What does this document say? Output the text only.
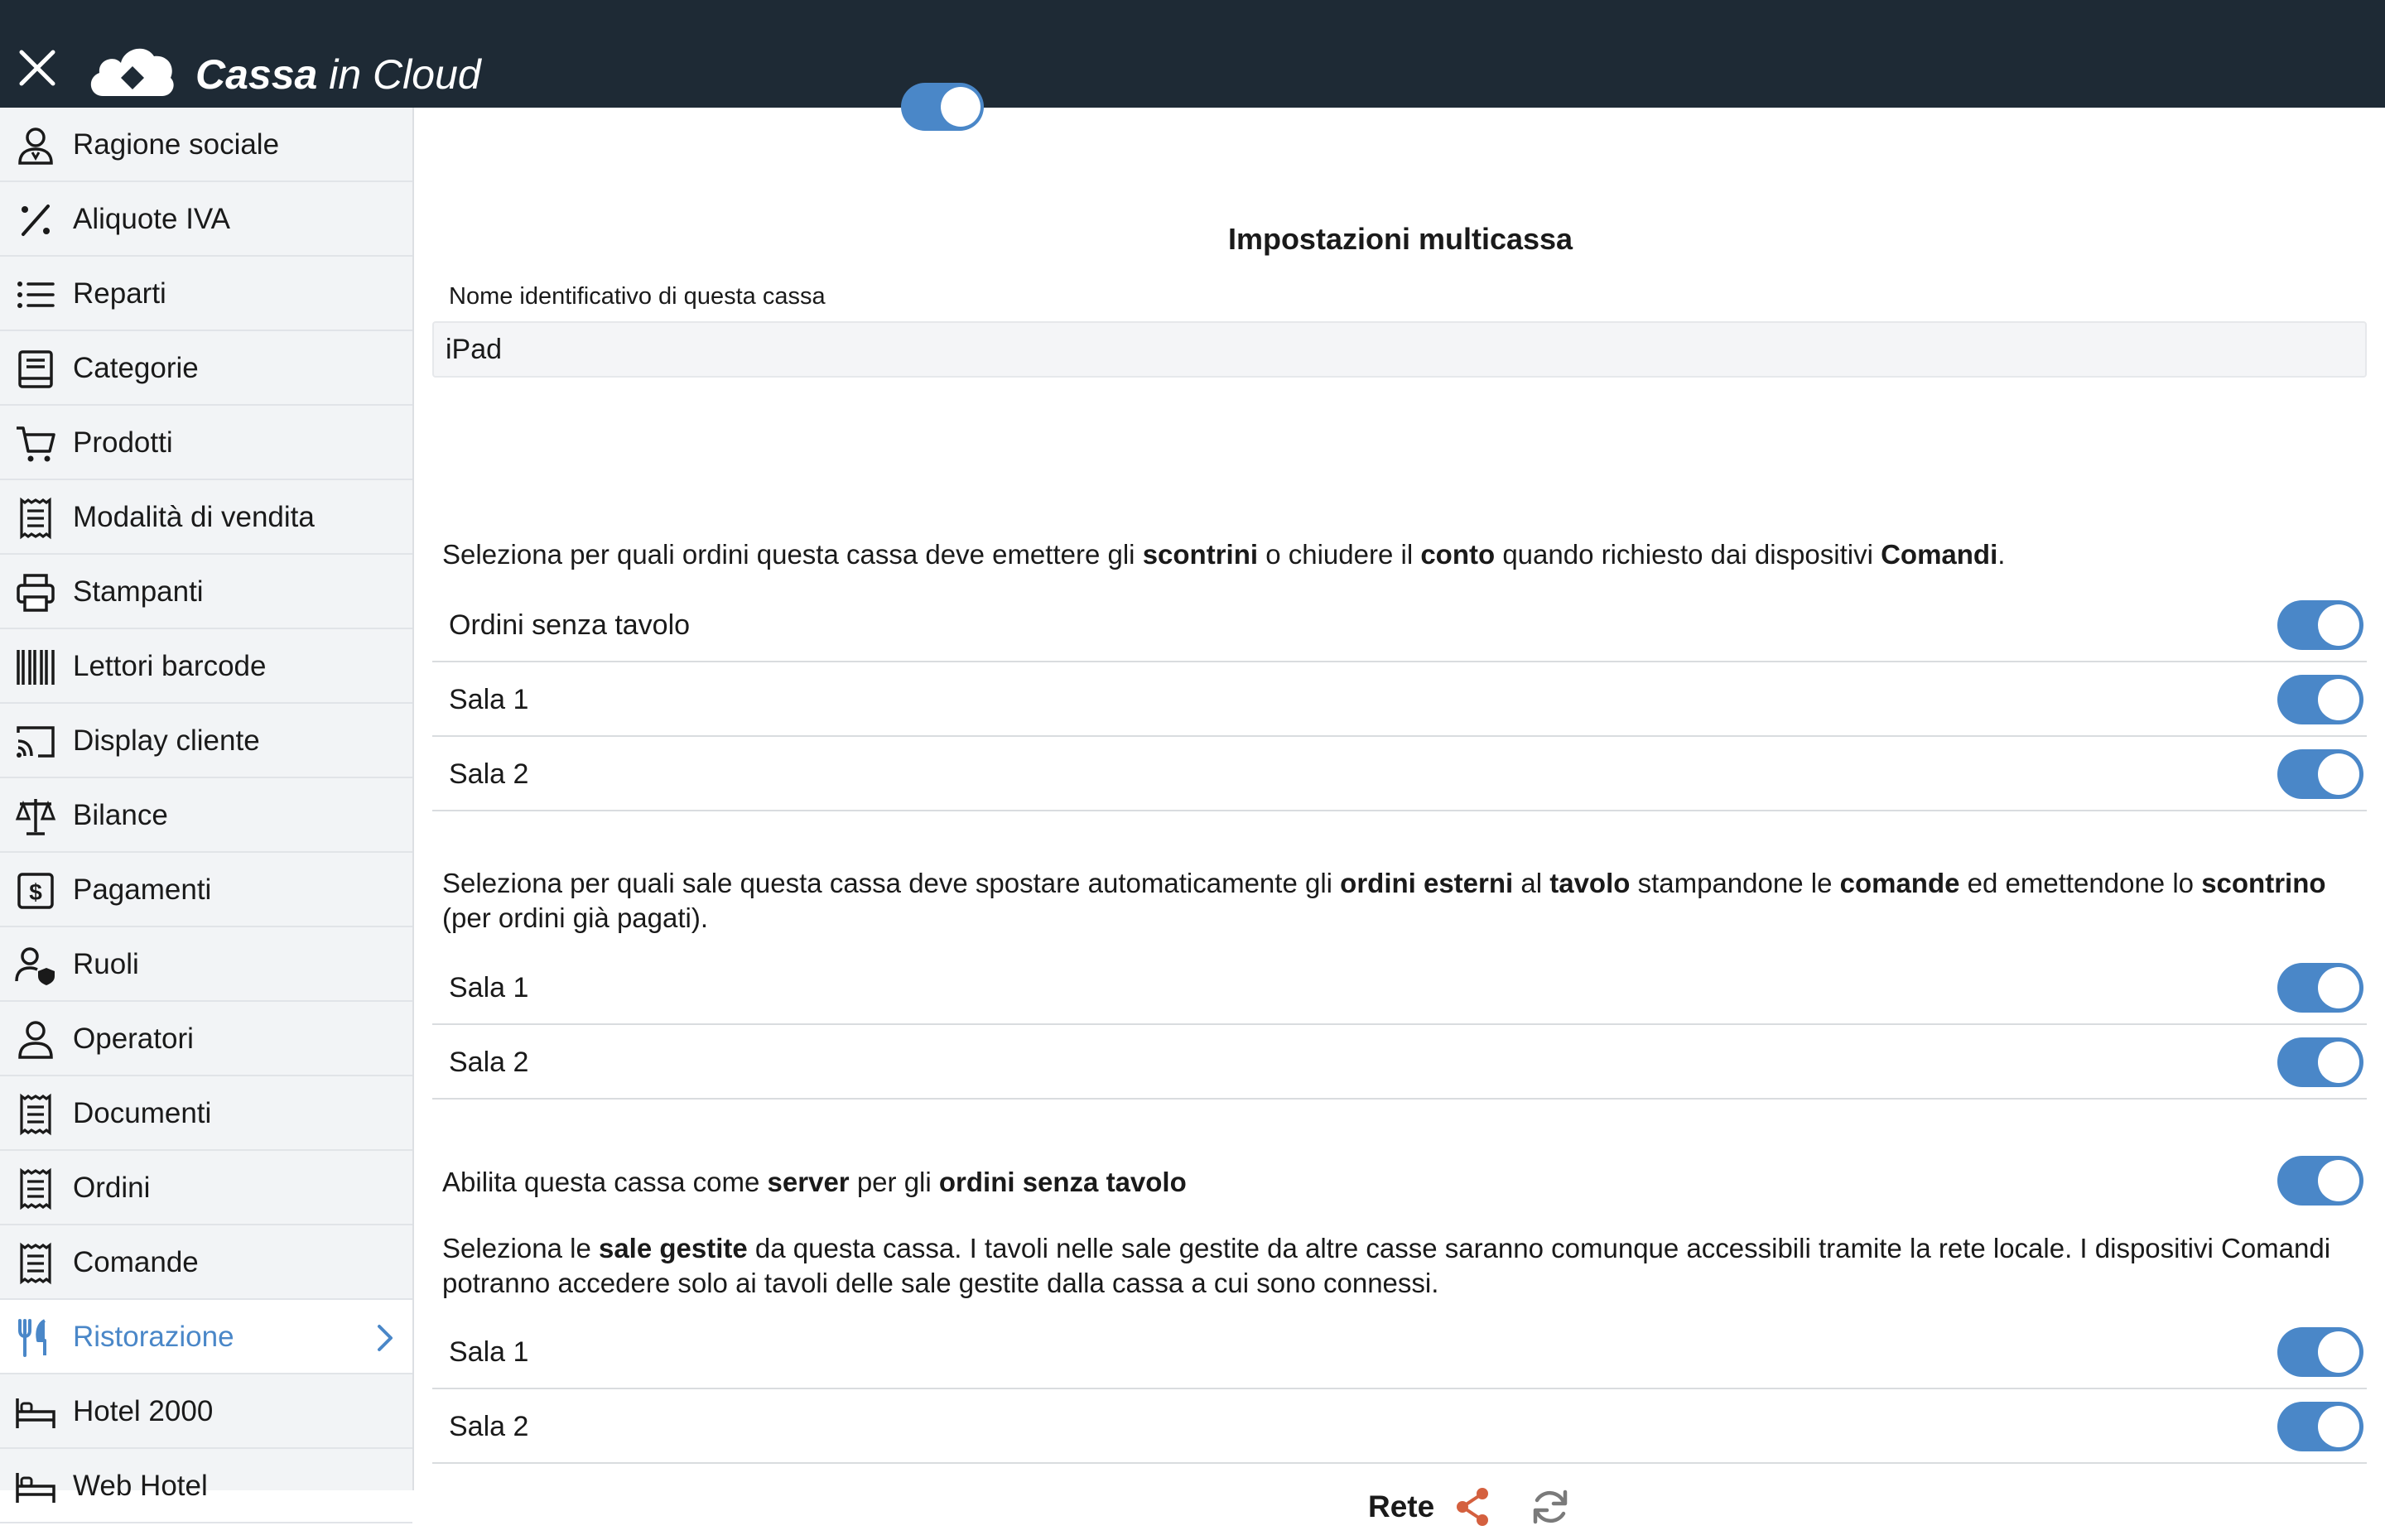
Cassa in Cloud
Ragione sociale
Aliquote IVA
Reparti
Categorie
Prodotti
Modalità di vendita
Stampanti
Lettori barcode
Display cliente
Bilance
$ Pagamenti
Ruoli
Operatori
Documenti
Ordini
Comande
Ristorazione
Hotel 2000
Web Hotel
Impostazioni multicassa
Nome identificativo di questa cassa
iPad
Seleziona per quali ordini questa cassa deve emettere gli scontrini o chiudere il conto quando richiesto dai dispositivi Comandi.
Ordini senza tavolo
Sala 1
Sala 2
Seleziona per quali sale questa cassa deve spostare automaticamente gli ordini esterni al tavolo stampandone le comande ed emettendone lo scontrino (per ordini già pagati).
Sala 1
Sala 2
Abilita questa cassa come server per gli ordini senza tavolo
Seleziona le sale gestite da questa cassa. I tavoli nelle sale gestite da altre casse saranno comunque accessibili tramite la rete locale. I dispositivi Comandi potranno accedere solo ai tavoli delle sale gestite dalla cassa a cui sono connessi.
Sala 1
Sala 2
Rete
